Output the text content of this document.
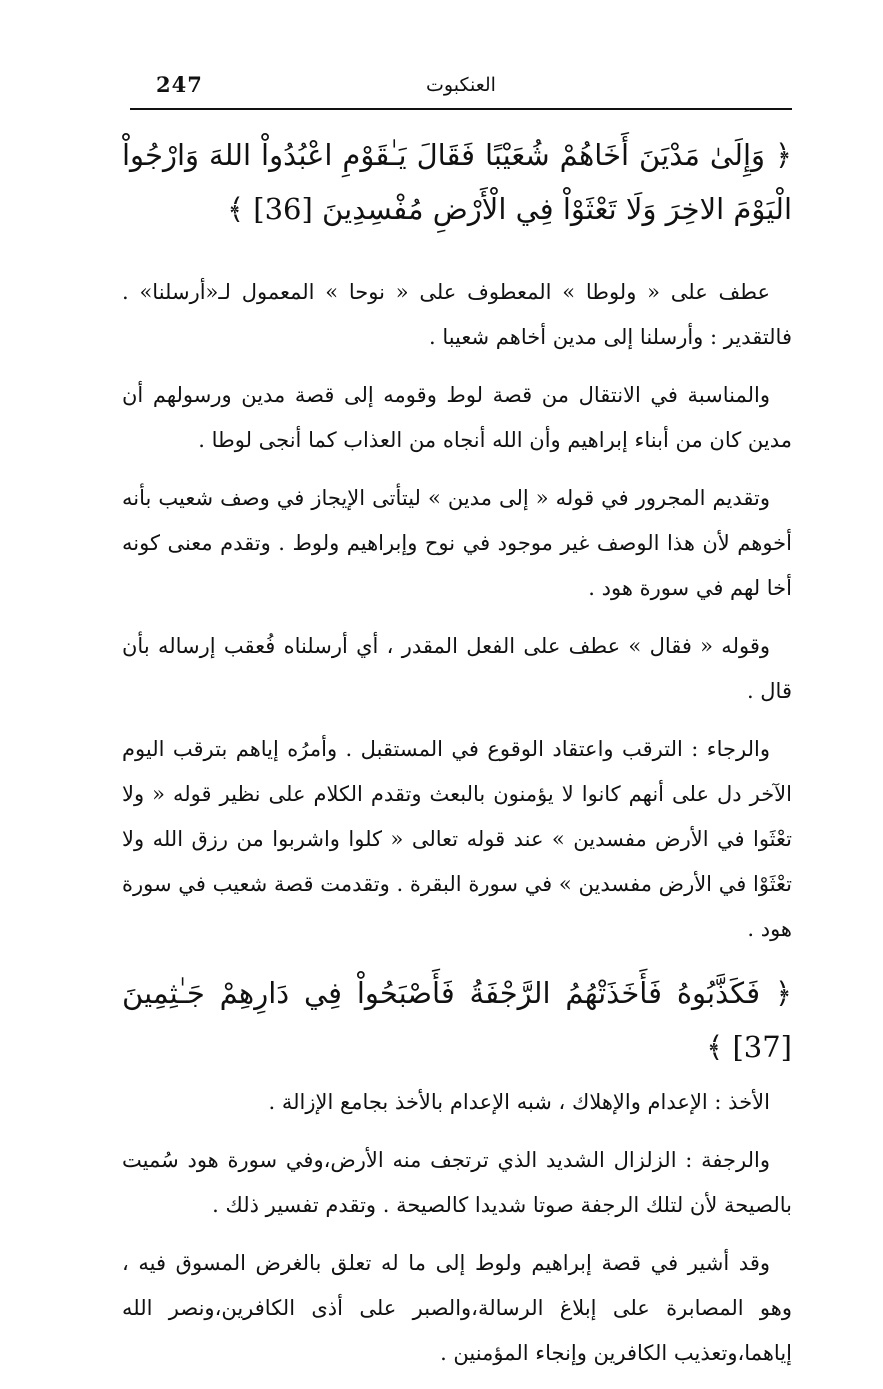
247	العنكبوت

﴿ وَإِلَىٰ مَدْيَنَ أَخَاهُمْ شُعَيْبًا فَقَالَ يَـٰقَوْمِ اعْبُدُواْ اللهَ وَارْجُواْ الْيَوْمَ الاخِرَ وَلَا تَعْثَوْاْ فِي الْأَرْضِ مُفْسِدِينَ [36] ﴾

عطف على « ولوطا » المعطوف على « نوحا » المعمول لـ«أرسلنا» . فالتقدير : وأرسلنا إلى مدين أخاهم شعيبا .

والمناسبة في الانتقال من قصة لوط وقومه إلى قصة مدين ورسولهم أن مدين كان من أبناء إبراهيم وأن الله أنجاه من العذاب كما أنجى لوطا .

وتقديم المجرور في قوله « إلى مدين » ليتأتى الإيجاز في وصف شعيب بأنه أخوهم لأن هذا الوصف غير موجود في نوح وإبراهيم ولوط . وتقدم معنى كونه أخا لهم في سورة هود .

وقوله « فقال » عطف على الفعل المقدر ، أي أرسلناه فُعقب إرساله بأن قال .

والرجاء : الترقب واعتقاد الوقوع في المستقبل . وأمرُه إياهم بترقب اليوم الآخر دل على أنهم كانوا لا يؤمنون بالبعث وتقدم الكلام على نظير قوله « ولا تعْثَوا في الأرض مفسدين » عند قوله تعالى « كلوا واشربوا من رزق الله ولا تعْثَوْا في الأرض مفسدين » في سورة البقرة . وتقدمت قصة شعيب في سورة هود .

﴿ فَكَذَّبُوهُ فَأَخَذَتْهُمُ الرَّجْفَةُ فَأَصْبَحُواْ فِي دَارِهِمْ جَـٰثِمِينَ [37] ﴾

الأخذ : الإعدام والإهلاك ، شبه الإعدام بالأخذ بجامع الإزالة .

والرجفة : الزلزال الشديد الذي ترتجف منه الأرض،وفي سورة هود سُميت بالصيحة لأن لتلك الرجفة صوتا شديدا كالصيحة . وتقدم تفسير ذلك .

وقد أشير في قصة إبراهيم ولوط إلى ما له تعلق بالغرض المسوق فيه ، وهو المصابرة على إبلاغ الرسالة،والصبر على أذى الكافرين،ونصر الله إياهما،وتعذيب الكافرين وإنجاء المؤمنين .
